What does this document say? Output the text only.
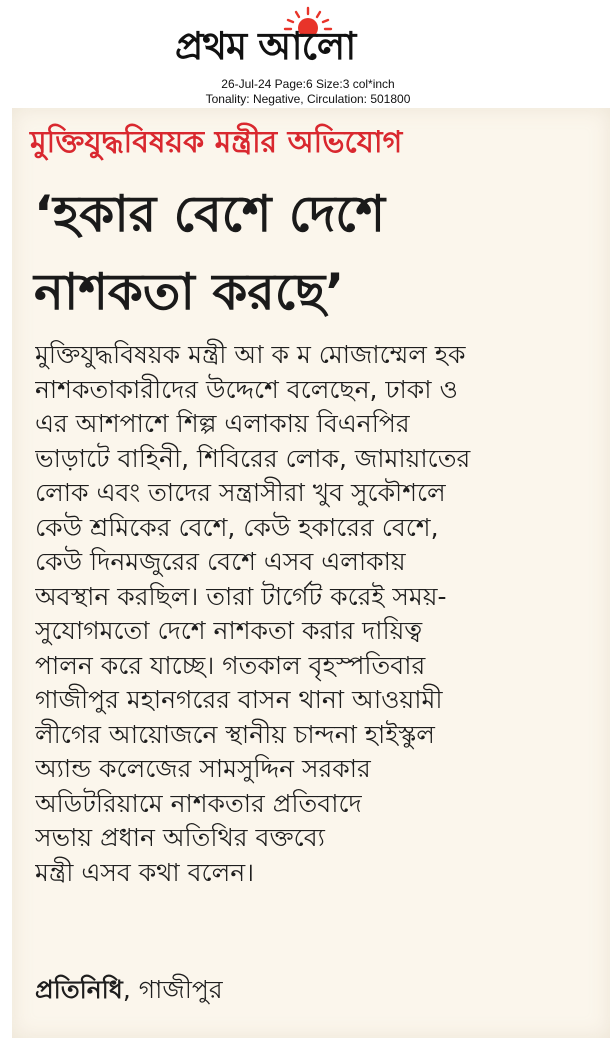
প্রথম আলো
26-Jul-24 Page:6 Size:3 col*inch
Tonality: Negative, Circulation: 501800
মুক্তিযুদ্ধবিষয়ক মন্ত্রীর অভিযোগ
‘হকার বেশে দেশে
নাশকতা করছে’
মুক্তিযুদ্ধবিষয়ক মন্ত্রী আ ক ম মোজাম্মেল হক
নাশকতাকারীদের উদ্দেশে বলেছেন, ঢাকা ও
এর আশপাশে শিল্প এলাকায় বিএনপির
ভাড়াটে বাহিনী, শিবিরের লোক, জামায়াতের
লোক এবং তাদের সন্ত্রাসীরা খুব সুকৌশলে
কেউ শ্রমিকের বেশে, কেউ হকারের বেশে,
কেউ দিনমজুরের বেশে এসব এলাকায়
অবস্থান করছিল। তারা টার্গেট করেই সময়-
সুযোগমতো দেশে নাশকতা করার দায়িত্ব
পালন করে যাচ্ছে। গতকাল বৃহস্পতিবার
গাজীপুর মহানগরের বাসন থানা আওয়ামী
লীগের আয়োজনে স্থানীয় চান্দনা হাইস্কুল
অ্যান্ড কলেজের সামসুদ্দিন সরকার
অডিটরিয়ামে নাশকতার প্রতিবাদে
সভায় প্রধান অতিথির বক্তব্যে
মন্ত্রী এসব কথা বলেন।
প্রতিনিধি, গাজীপুর
